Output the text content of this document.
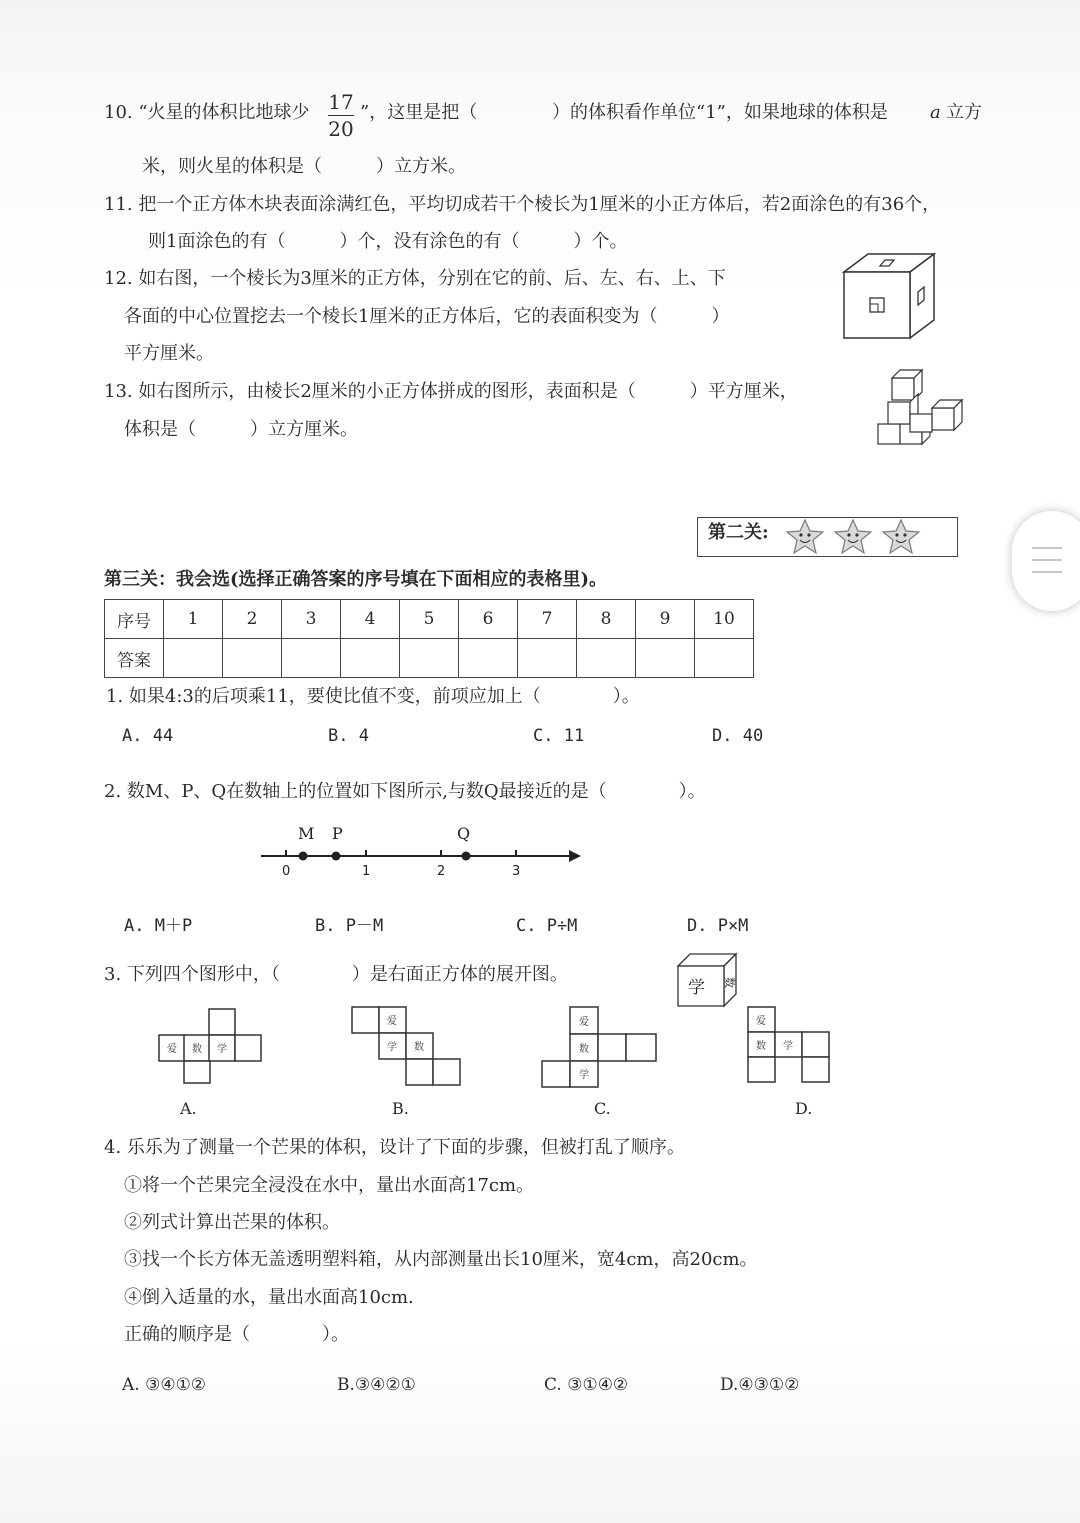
10. “火星的体积比地球少 17
20
”，这里是把（	）的体积看作单位“1”，如果地球的体积是 a 立方
米，则火星的体积是（　　　）立方米。
11. 把一个正方体木块表面涂满红色，平均切成若干个棱长为1厘米的小正方体后，若2面涂色的有36个，
则1面涂色的有（　　　）个，没有涂色的有（　　　）个。
12. 如右图，一个棱长为3厘米的正方体，分别在它的前、后、左、右、上、下
各面的中心位置挖去一个棱长1厘米的正方体后，它的表面积变为（　　　）
平方厘米。
13. 如右图所示，由棱长2厘米的小正方体拼成的图形，表面积是（　　　）平方厘米，
体积是（　　　）立方厘米。
第二关:
第三关：我会选(选择正确答案的序号填在下面相应的表格里)。
序号	1	2	3	4	5	6	7	8	9	10
答案										
1. 如果4:3的后项乘11，要使比值不变，前项应加上（　　　　）。
A. 44	B. 4	C. 11	D. 40
2. 数M、P、Q在数轴上的位置如下图所示,与数Q最接近的是（　　　　）。
M P	Q
0	1	2	3
A. M＋P	B. P－M	C. P÷M	D. P×M
3. 下列四个图形中，（　　　　）是右面正方体的展开图。
学 数
爱 数 学
爱
学 数
爱
数
学
爱
数 学
A.	B.	C.	D.
4. 乐乐为了测量一个芒果的体积，设计了下面的步骤，但被打乱了顺序。
①将一个芒果完全浸没在水中，量出水面高17cm。
②列式计算出芒果的体积。
③找一个长方体无盖透明塑料箱，从内部测量出长10厘米，宽4cm，高20cm。
④倒入适量的水，量出水面高10cm.
正确的顺序是（　　　　）。
A. ③④①②	B.③④②①	C. ③①④②	D.④③①②
